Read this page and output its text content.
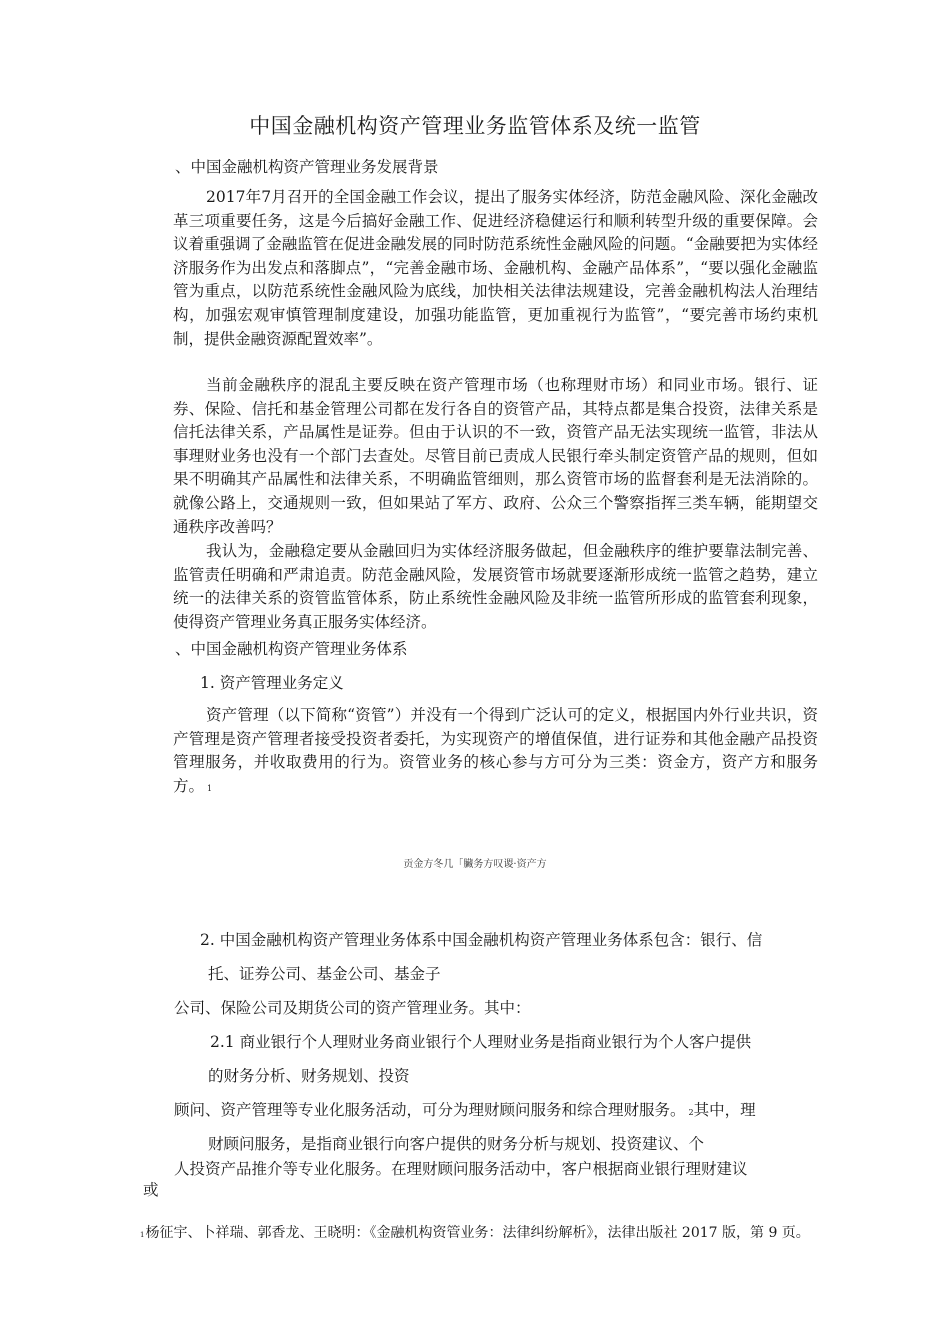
中国金融机构资产管理业务监管体系及统一监管
、中国金融机构资产管理业务发展背景

2017年7月召开的全国金融工作会议，提出了服务实体经济，防范金融风险、深化金融改革三项重要任务，这是今后搞好金融工作、促进经济稳健运行和顺利转型升级的重要保障。会议着重强调了金融监管在促进金融发展的同时防范系统性金融风险的问题。“金融要把为实体经济服务作为出发点和落脚点”，“完善金融市场、金融机构、金融产品体系”，“要以强化金融监管为重点，以防范系统性金融风险为底线，加快相关法律法规建设，完善金融机构法人治理结构，加强宏观审慎管理制度建设，加强功能监管，更加重视行为监管”，“要完善市场约束机制，提供金融资源配置效率”。

当前金融秩序的混乱主要反映在资产管理市场（也称理财市场）和同业市场。银行、证券、保险、信托和基金管理公司都在发行各自的资管产品，其特点都是集合投资，法律关系是信托法律关系，产品属性是证券。但由于认识的不一致，资管产品无法实现统一监管，非法从事理财业务也没有一个部门去查处。尽管目前已责成人民银行牵头制定资管产品的规则，但如果不明确其产品属性和法律关系，不明确监管细则，那么资管市场的监督套利是无法消除的。就像公路上，交通规则一致，但如果站了军方、政府、公众三个警察指挥三类车辆，能期望交通秩序改善吗？

我认为，金融稳定要从金融回归为实体经济服务做起，但金融秩序的维护要靠法制完善、监管责任明确和严肃追责。防范金融风险，发展资管市场就要逐渐形成统一监管之趋势，建立统一的法律关系的资管监管体系，防止系统性金融风险及非统一监管所形成的监管套利现象，使得资产管理业务真正服务实体经济。

、中国金融机构资产管理业务体系
1. 资产管理业务定义

资产管理（以下简称“资管”）并没有一个得到广泛认可的定义，根据国内外行业共识，资产管理是资产管理者接受投资者委托，为实现资产的增值保值，进行证券和其他金融产品投资管理服务，并收取费用的行为。资管业务的核心参与方可分为三类：资金方，资产方和服务方。 1

贡金方冬几「臟务方叹谡·资产方
2. 中国金融机构资产管理业务体系中国金融机构资产管理业务体系包含：银行、信
托、证券公司、基金公司、基金子
公司、保险公司及期货公司的资产管理业务。其中：
2.1 商业银行个人理财业务商业银行个人理财业务是指商业银行为个人客户提供
的财务分析、财务规划、投资
顾问、资产管理等专业化服务活动，可分为理财顾问服务和综合理财服务。 2其中，理
财顾问服务，是指商业银行向客户提供的财务分析与规划、投资建议、个
人投资产品推介等专业化服务。在理财顾问服务活动中，客户根据商业银行理财建议
或
1杨征宇、卜祥瑞、郭香龙、王晓明：《金融机构资管业务：法律纠纷解析》，法律出版社 2017 版，第 9 页。
